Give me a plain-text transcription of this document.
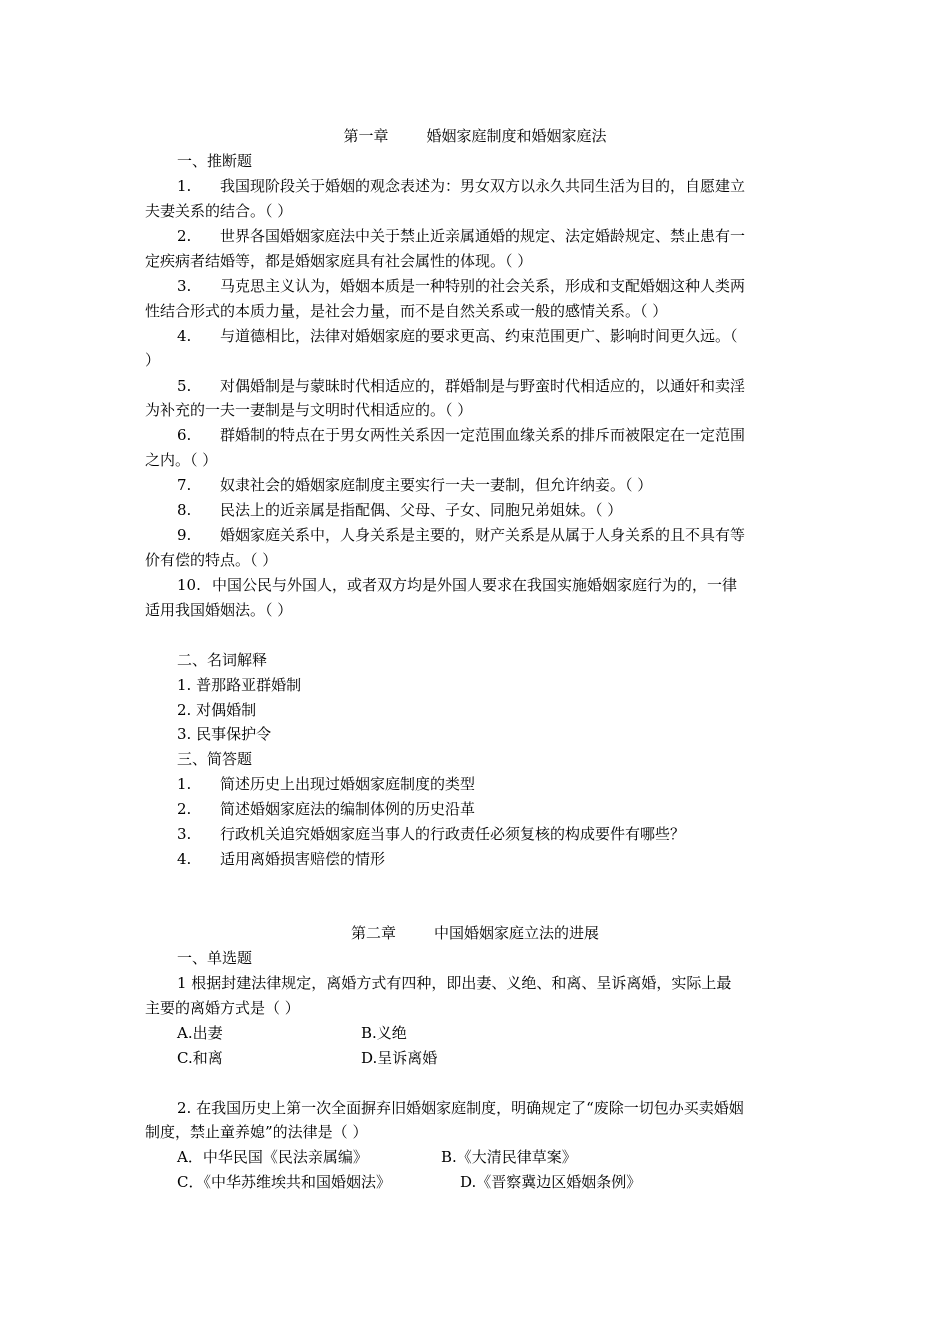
第一章	婚姻家庭制度和婚姻家庭法
一、推断题
1. 我国现阶段关于婚姻的观念表述为：男女双方以永久共同生活为目的，自愿建立
夫妻关系的结合。（ ）
2. 世界各国婚姻家庭法中关于禁止近亲属通婚的规定、法定婚龄规定、禁止患有一
定疾病者结婚等，都是婚姻家庭具有社会属性的体现。（ ）
3. 马克思主义认为，婚姻本质是一种特别的社会关系，形成和支配婚姻这种人类两
性结合形式的本质力量，是社会力量，而不是自然关系或一般的感情关系。（ ）
4. 与道德相比，法律对婚姻家庭的要求更高、约束范围更广、影响时间更久远。（
）
5. 对偶婚制是与蒙昧时代相适应的，群婚制是与野蛮时代相适应的，以通奸和卖淫
为补充的一夫一妻制是与文明时代相适应的。（ ）
6. 群婚制的特点在于男女两性关系因一定范围血缘关系的排斥而被限定在一定范围
之内。（ ）
7. 奴隶社会的婚姻家庭制度主要实行一夫一妻制，但允许纳妾。（ ）
8. 民法上的近亲属是指配偶、父母、子女、同胞兄弟姐妹。（ ）
9. 婚姻家庭关系中，人身关系是主要的，财产关系是从属于人身关系的且不具有等
价有偿的特点。（ ）
10. 中国公民与外国人，或者双方均是外国人要求在我国实施婚姻家庭行为的，一律
适用我国婚姻法。（ ）
二、名词解释
1. 普那路亚群婚制
2. 对偶婚制
3. 民事保护令
三、简答题
1. 简述历史上出现过婚姻家庭制度的类型
2. 简述婚姻家庭法的编制体例的历史沿革
3. 行政机关追究婚姻家庭当事人的行政责任必须复核的构成要件有哪些？
4. 适用离婚损害赔偿的情形
第二章	中国婚姻家庭立法的进展
一、单选题
1 根据封建法律规定，离婚方式有四种，即出妻、义绝、和离、呈诉离婚，实际上最
主要的离婚方式是（ ）
A.出妻	B.义绝
C.和离	D.呈诉离婚
2. 在我国历史上第一次全面摒弃旧婚姻家庭制度，明确规定了“废除一切包办买卖婚姻
制度，禁止童养媳”的法律是（ ）
A．中华民国《民法亲属编》	B.《大清民律草案》
C．《中华苏维埃共和国婚姻法》	D.《晋察冀边区婚姻条例》
